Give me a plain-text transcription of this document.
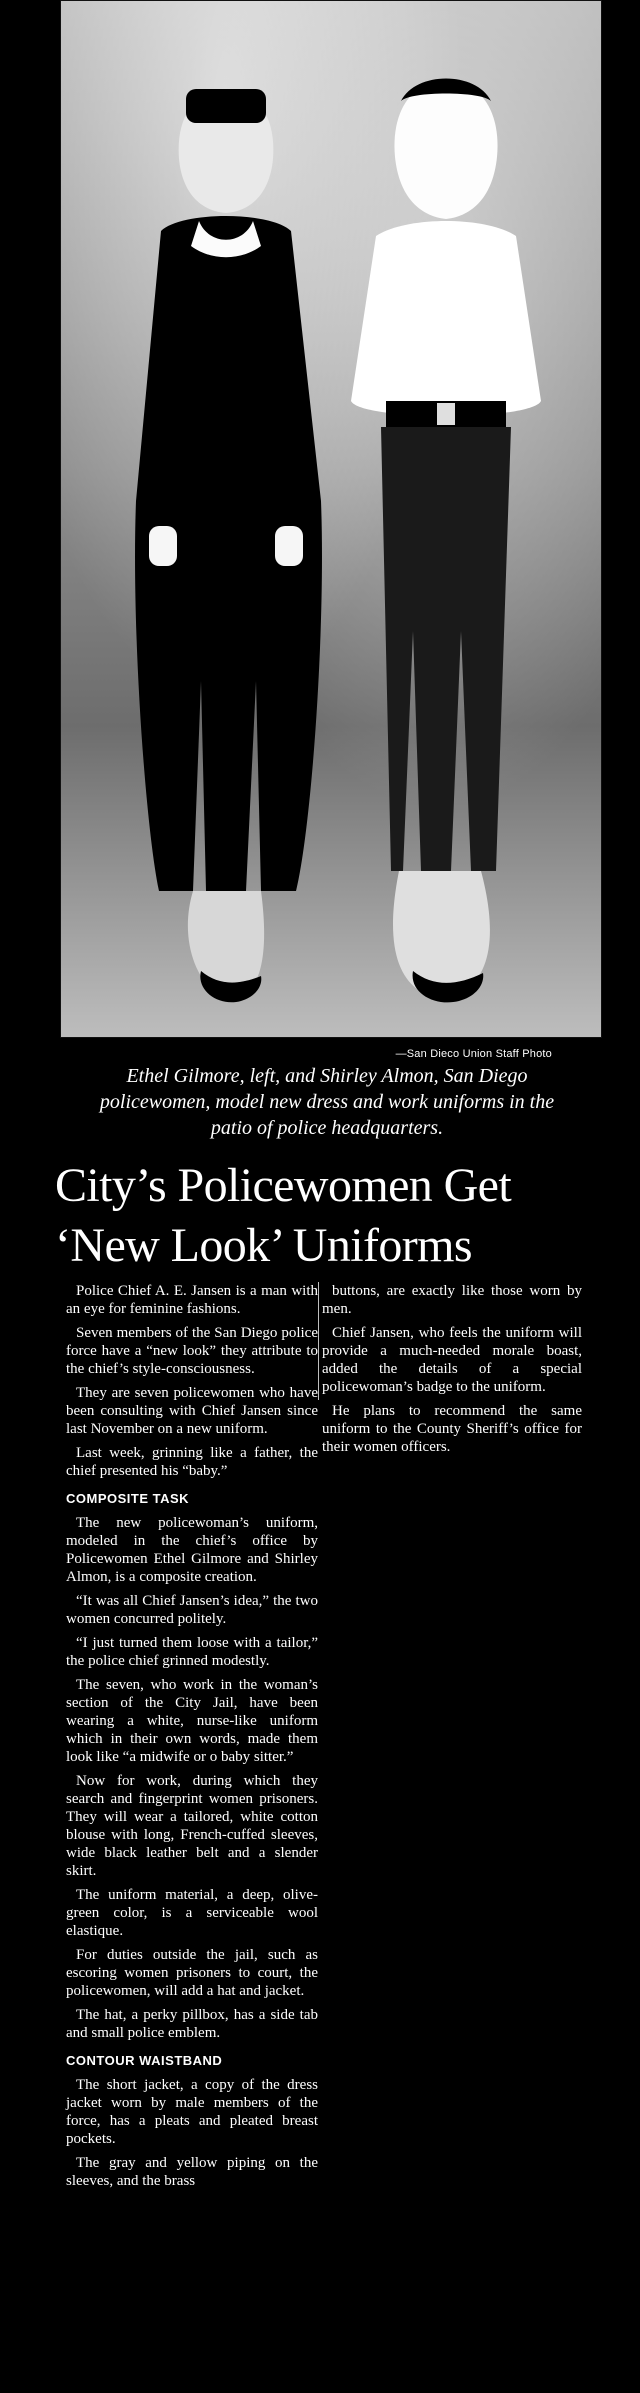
—San Dieco Union Staff Photo
Ethel Gilmore, left, and Shirley Almon, San Diego policewomen, model new dress and work uniforms in the patio of police headquarters.
City’s Policewomen Get
‘New Look’ Uniforms

Police Chief A. E. Jansen is a man with an eye for feminine fashions.

Seven members of the San Diego police force have a “new look” they attribute to the chief’s style-consciousness.

They are seven policewomen who have been consulting with Chief Jansen since last November on a new uniform.

Last week, grinning like a father, the chief presented his “baby.”

COMPOSITE TASK

The new policewoman’s uniform, modeled in the chief’s office by Policewomen Ethel Gilmore and Shirley Almon, is a composite creation.

“It was all Chief Jansen’s idea,” the two women concurred politely.

“I just turned them loose with a tailor,” the police chief grinned modestly.

The seven, who work in the woman’s section of the City Jail, have been wearing a white, nurse-like uniform which in their own words, made them look like “a midwife or o baby sitter.”

Now for work, during which they search and fingerprint women prisoners. They will wear a tailored, white cotton blouse with long, French-cuffed sleeves, wide black leather belt and a slender skirt.

The uniform material, a deep, olive-green color, is a serviceable wool elastique.

For duties outside the jail, such as escoring women prisoners to court, the policewomen, will add a hat and jacket.

The hat, a perky pillbox, has a side tab and small police emblem.

CONTOUR WAISTBAND

The short jacket, a copy of the dress jacket worn by male members of the force, has a pleats and pleated breast pockets.

The gray and yellow piping on the sleeves, and the brass

buttons, are exactly like those worn by men.

Chief Jansen, who feels the uniform will provide a much-needed morale boast, added the details of a special policewoman’s badge to the uniform.

He plans to recommend the same uniform to the County Sheriff’s office for their women officers.
